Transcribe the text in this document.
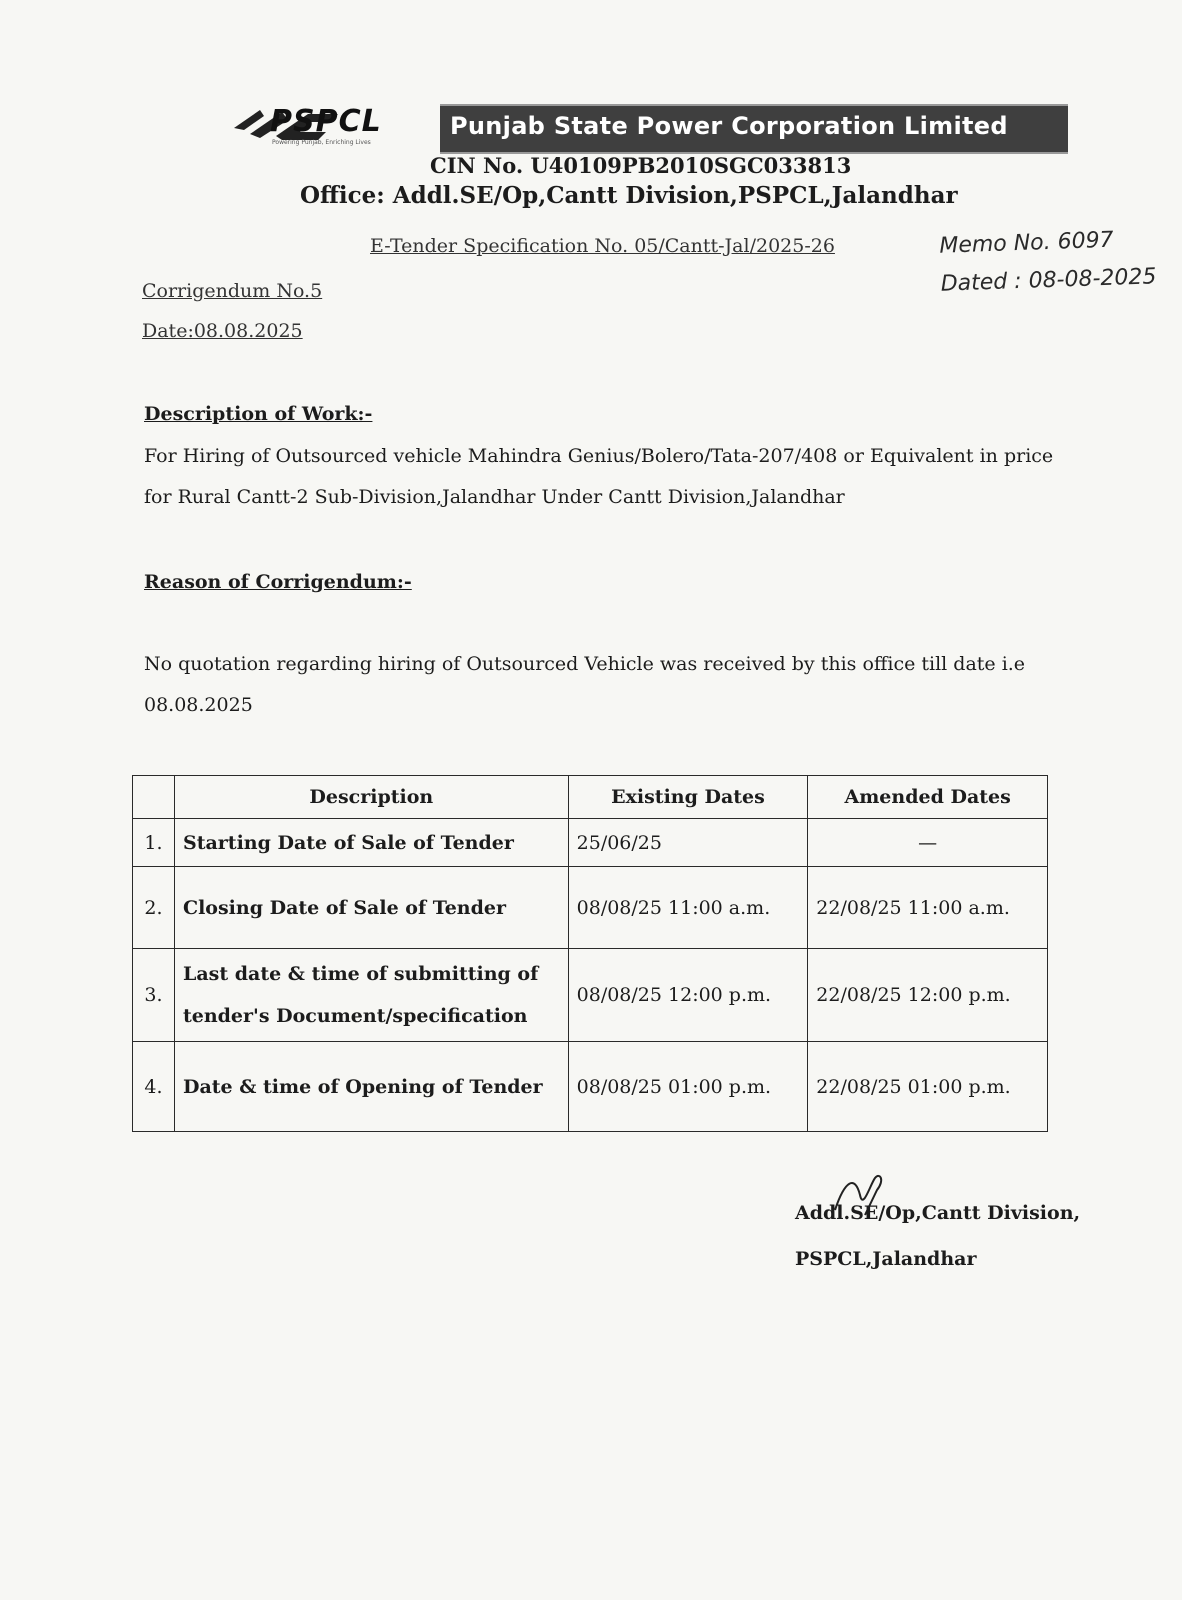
PSPCL
Powering Punjab, Enriching Lives
Punjab State Power Corporation Limited
CIN No. U40109PB2010SGC033813
Office: Addl.SE/Op,Cantt Division,PSPCL,Jalandhar
E-Tender Specification No. 05/Cantt-Jal/2025-26	Memo No. 6097
Dated : 08-08-2025
Corrigendum No.5
Date:08.08.2025
Description of Work:-
For Hiring of Outsourced vehicle Mahindra Genius/Bolero/Tata-207/408 or Equivalent in price for Rural Cantt-2 Sub-Division,Jalandhar Under Cantt Division,Jalandhar
Reason of Corrigendum:-
No quotation regarding hiring of Outsourced Vehicle was received by this office till date i.e 08.08.2025
	Description	Existing Dates	Amended Dates
1.	Starting Date of Sale of Tender	25/06/25	—
2.	Closing Date of Sale of Tender	08/08/25 11:00 a.m.	22/08/25 11:00 a.m.
3.	Last date & time of submitting of tender's Document/specification	08/08/25 12:00 p.m.	22/08/25 12:00 p.m.
4.	Date & time of Opening of Tender	08/08/25 01:00 p.m.	22/08/25 01:00 p.m.
Addl.SE/Op,Cantt Division,
PSPCL,Jalandhar
